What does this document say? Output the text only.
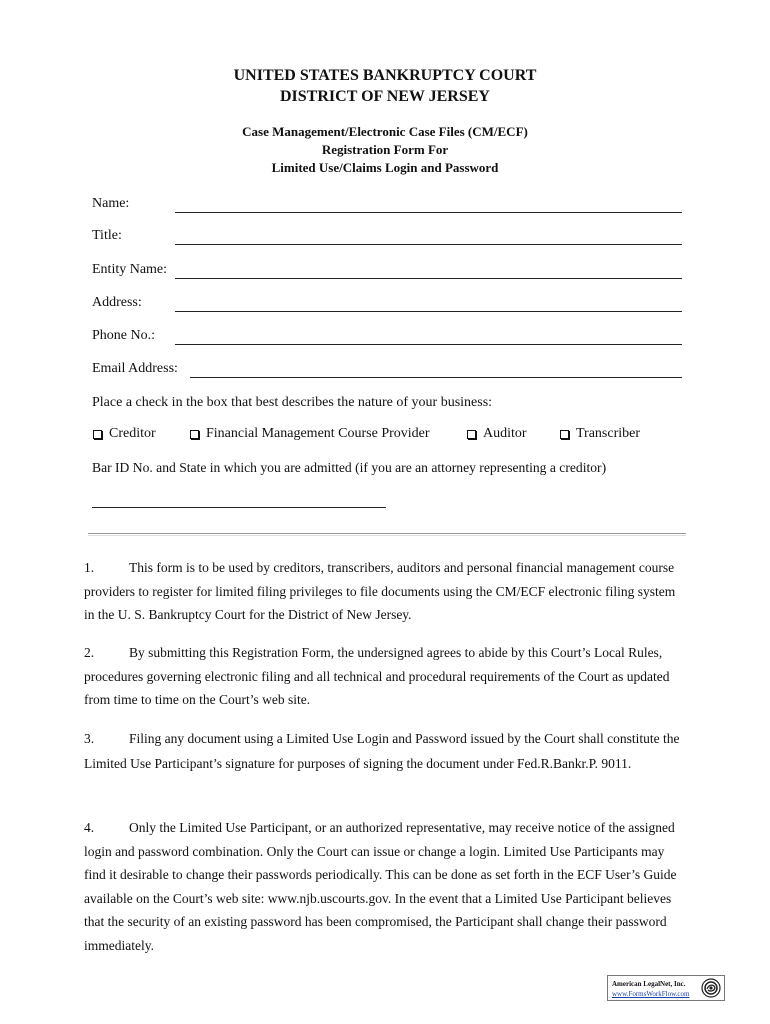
UNITED STATES BANKRUPTCY COURT
DISTRICT OF NEW JERSEY
Case Management/Electronic Case Files (CM/ECF)
Registration Form For
Limited Use/Claims Login and Password
Name:
Title:
Entity Name:
Address:
Phone No.:
Email Address:
Place a check in the box that best describes the nature of your business:
Creditor	Financial Management Course Provider	Auditor	Transcriber
Bar ID No. and State in which you are admitted (if you are an attorney representing a creditor)
1.	This form is to be used by creditors, transcribers, auditors and personal financial management course providers to register for limited filing privileges to file documents using the CM/ECF electronic filing system in the U. S. Bankruptcy Court for the District of New Jersey.
2.	By submitting this Registration Form, the undersigned agrees to abide by this Court’s Local Rules, procedures governing electronic filing and all technical and procedural requirements of the Court as updated from time to time on the Court’s web site.
3.	Filing any document using a Limited Use Login and Password issued by the Court shall constitute the Limited Use Participant’s signature for purposes of signing the document under Fed.R.Bankr.P. 9011.
4.	Only the Limited Use Participant, or an authorized representative, may receive notice of the assigned login and password combination. Only the Court can issue or change a login. Limited Use Participants may find it desirable to change their passwords periodically. This can be done as set forth in the ECF User’s Guide available on the Court’s web site: www.njb.uscourts.gov. In the event that a Limited Use Participant believes that the security of an existing password has been compromised, the Participant shall change their password immediately.
American LegalNet, Inc.
www.FormsWorkFlow.com
